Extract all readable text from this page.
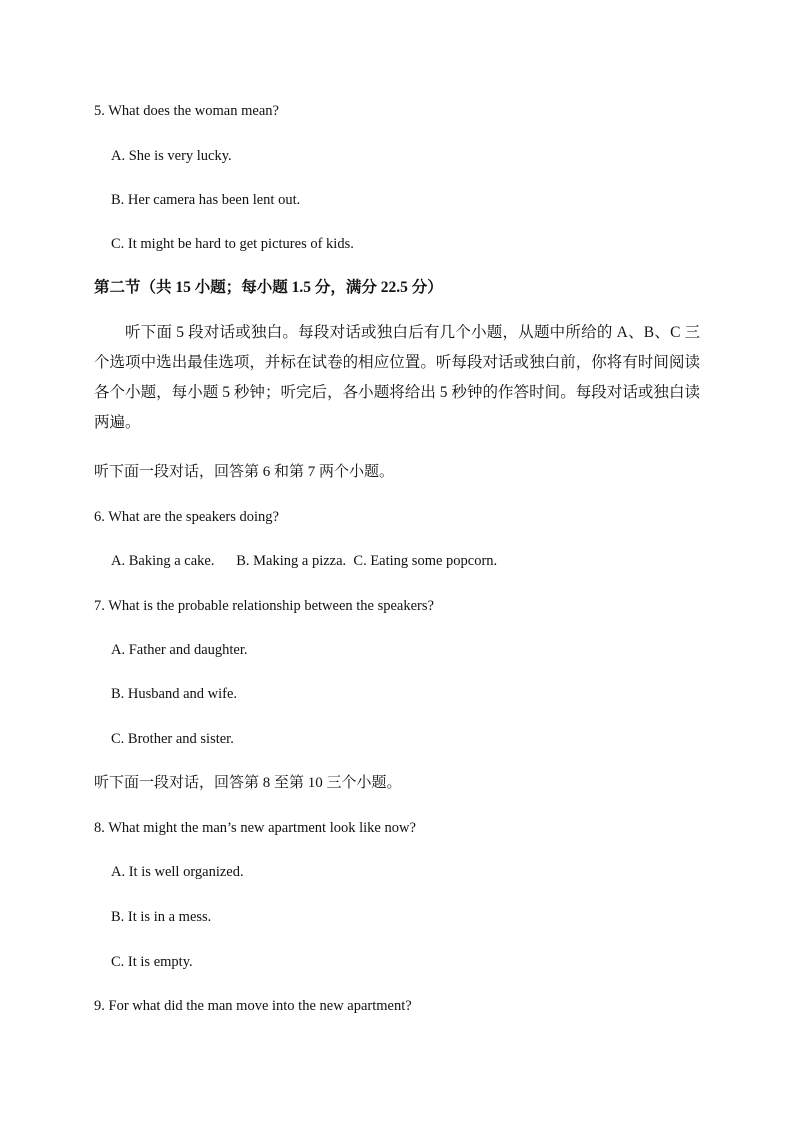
5. What does the woman mean?
A. She is very lucky.
B. Her camera has been lent out.
C. It might be hard to get pictures of kids.
第二节（共 15 小题；每小题 1.5 分，满分 22.5 分）

听下面 5 段对话或独白。每段对话或独白后有几个小题，从题中所给的 A、B、C 三个选项中选出最佳选项，并标在试卷的相应位置。听每段对话或独白前，你将有时间阅读各个小题，每小题 5 秒钟；听完后，各小题将给出 5 秒钟的作答时间。每段对话或独白读两遍。

听下面一段对话，回答第 6 和第 7 两个小题。
6. What are the speakers doing?
A. Baking a cake.      B. Making a pizza.  C. Eating some popcorn.
7. What is the probable relationship between the speakers?
A. Father and daughter.
B. Husband and wife.
C. Brother and sister.
听下面一段对话，回答第 8 至第 10 三个小题。
8. What might the man’s new apartment look like now?
A. It is well organized.
B. It is in a mess.
C. It is empty.
9. For what did the man move into the new apartment?
